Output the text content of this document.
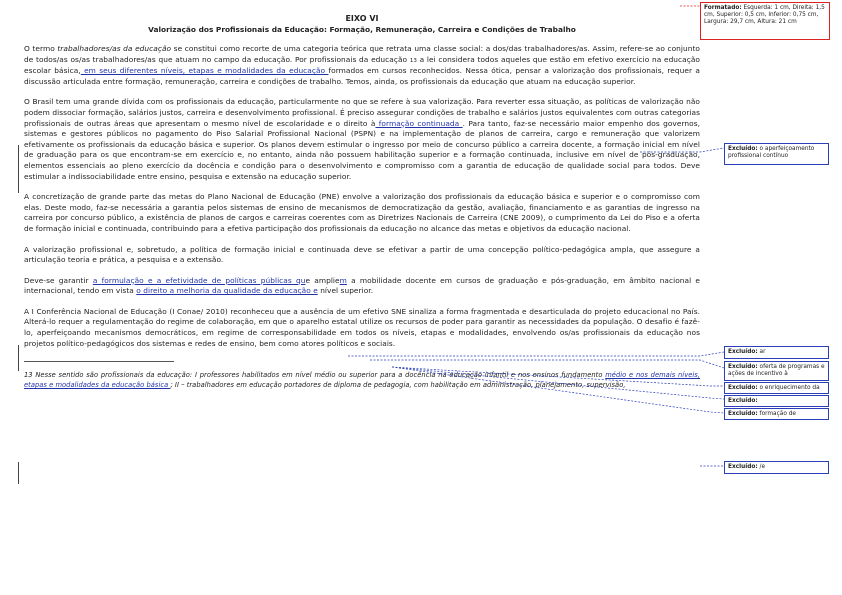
EIXO VI
Valorização dos Profissionais da Educação: Formação, Remuneração, Carreira e Condições de Trabalho

O termo trabalhadores/as da educação se constitui como recorte de uma categoria teórica que retrata uma classe social: a dos/das trabalhadores/as. Assim, refere-se ao conjunto de todos/as os/as trabalhadores/as que atuam no campo da educação. Por profissionais da educação 13 a lei considera todos aqueles que estão em efetivo exercício na educação escolar básica, em seus diferentes níveis, etapas e modalidades da educação formados em cursos reconhecidos. Nessa ótica, pensar a valorização dos profissionais, requer a discussão articulada entre formação, remuneração, carreira e condições de trabalho. Temos, ainda, os profissionais da educação que atuam na educação superior.

O Brasil tem uma grande dívida com os profissionais da educação, particularmente no que se refere à sua valorização. Para reverter essa situação, as políticas de valorização não podem dissociar formação, salários justos, carreira e desenvolvimento profissional. É preciso assegurar condições de trabalho e salários justos equivalentes com outras categorias profissionais de outras áreas que apresentam o mesmo nível de escolaridade e o direito à formação continuada . Para tanto, faz-se necessário maior empenho dos governos, sistemas e gestores públicos no pagamento do Piso Salarial Profissional Nacional (PSPN) e na implementação de planos de carreira, cargo e remuneração que valorizem efetivamente os profissionais da educação básica e superior. Os planos devem estimular o ingresso por meio de concurso público a carreira docente, a formação inicial em nível de graduação para os que encontram-se em exercício e, no entanto, ainda não possuem habilitação superior e a formação continuada, inclusive em nível de pós-graduação, elementos essenciais ao pleno exercício da docência e condição para o desenvolvimento e compromisso com a garantia de educação de qualidade social para todos. Deve estimular a indissociabilidade entre ensino, pesquisa e extensão na educação superior.

A concretização de grande parte das metas do Plano Nacional de Educação (PNE) envolve a valorização dos profissionais da educação básica e superior e o compromisso com elas. Deste modo, faz-se necessária a garantia pelos sistemas de ensino de mecanismos de democratização da gestão, avaliação, financiamento e as garantias de ingresso na carreira por concurso público, a existência de planos de cargos e carreiras coerentes com as Diretrizes Nacionais de Carreira (CNE 2009), o cumprimento da Lei do Piso e a oferta de formação inicial e continuada, contribuindo para a efetiva participação dos profissionais da educação no alcance das metas e objetivos da educação nacional.

A valorização profissional e, sobretudo, a política de formação inicial e continuada deve se efetivar a partir de uma concepção político-pedagógica ampla, que assegure a articulação teoria e prática, a pesquisa e a extensão.

Deve-se garantir a formulação e a efetividade de políticas públicas que ampliem a mobilidade docente em cursos de graduação e pós-graduação, em âmbito nacional e internacional, tendo em vista o direito a melhoria da qualidade da educação e nível superior.

A I Conferência Nacional de Educação (I Conae/ 2010) reconheceu que a ausência de um efetivo SNE sinaliza a forma fragmentada e desarticulada do projeto educacional no País. Alterá-lo requer a regulamentação do regime de colaboração, em que o aparelho estatal utilize os recursos de poder para garantir as necessidades da população. O desafio é fazê-lo, aperfeiçoando mecanismos democráticos, em regime de corresponsabilidade em todos os níveis, etapas e modalidades, envolvendo os/as profissionais da educação nos projetos político-pedagógicos dos sistemas e redes de ensino, bem como atores políticos e sociais.

13 Nesse sentido são profissionais da educação: I professores habilitados em nível médio ou superior para a docência na educação infantil e nos ensinos fundamento médio e nos demais níveis, etapas e modalidades da educação básica ; II – trabalhadores em educação portadores de diploma de pedagogia, com habilitação em administração, planejamento, supervisão,

Formatado: Esquerda: 1 cm, Direita: 1,5 cm, Superior: 0,5 cm, Inferior: 0,75 cm, Largura: 29,7 cm, Altura: 21 cm
Excluído: o aperfeiçoamento profissional contínuo
Excluído: ar
Excluído: oferta de programas e ações de incentivo à
Excluído: o enriquecimento da
Excluído:
Excluído: formação de
Excluído: /e
